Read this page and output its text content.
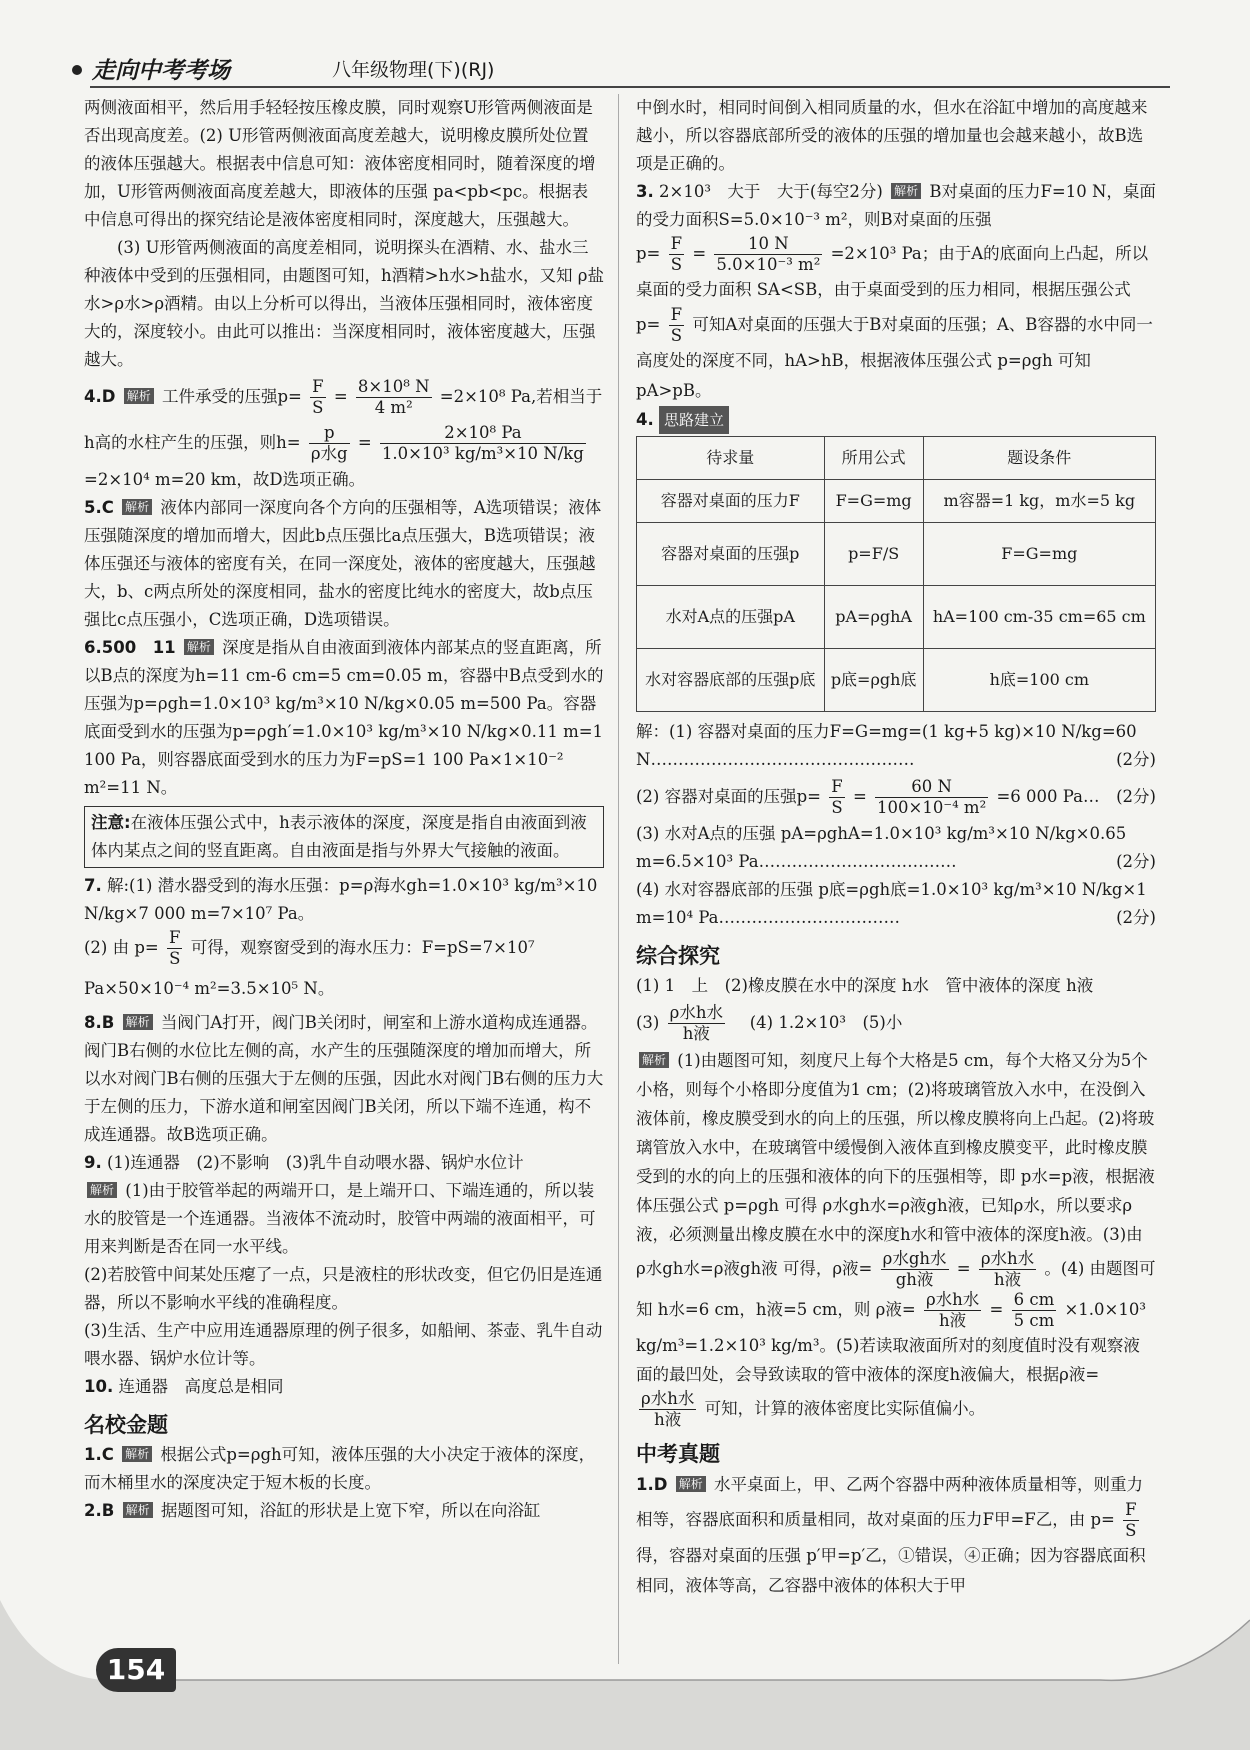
走向中考考场	八年级物理(下)(RJ)

两侧液面相平，然后用手轻轻按压橡皮膜，同时观察U形管两侧液面是否出现高度差。(2) U形管两侧液面高度差越大，说明橡皮膜所处位置的液体压强越大。根据表中信息可知：液体密度相同时，随着深度的增加，U形管两侧液面高度差越大，即液体的压强 pa<pb<pc。根据表中信息可得出的探究结论是液体密度相同时，深度越大，压强越大。

(3) U形管两侧液面的高度差相同，说明探头在酒精、水、盐水三种液体中受到的压强相同，由题图可知，h酒精>h水>h盐水，又知 ρ盐水>ρ水>ρ酒精。由以上分析可以得出，当液体压强相同时，液体密度大的，深度较小。由此可以推出：当深度相同时，液体密度越大，压强越大。

4.D 解析 工件承受的压强$p= \frac{F}{S} = \frac{\text{8×10⁸ N}}{\text{4 m²}} =2\times 10^8$ Pa,若相当于

h高的水柱产生的压强，则$h= \frac{p}{\text{ρ水g}} = \frac{\text{2×10⁸ Pa}}{\text{1.0×10³ kg/m³×10 N/kg}}$

=2×10⁴ m=20 km，故D选项正确。

5.C 解析 液体内部同一深度向各个方向的压强相等，A选项错误；液体压强随深度的增加而增大，因此b点压强比a点压强大，B选项错误；液体压强还与液体的密度有关，在同一深度处，液体的密度越大，压强越大，b、c两点所处的深度相同，盐水的密度比纯水的密度大，故b点压强比c点压强小，C选项正确，D选项错误。

6.500　11 解析 深度是指从自由液面到液体内部某点的竖直距离，所以B点的深度为h=11 cm-6 cm=5 cm=0.05 m，容器中B点受到水的压强为p=ρgh=1.0×10³ kg/m³×10 N/kg×0.05 m=500 Pa。容器底面受到水的压强为p=ρgh′=1.0×10³ kg/m³×10 N/kg×0.11 m=1 100 Pa，则容器底面受到水的压力为F=pS=1 100 Pa×1×10⁻² m²=11 N。

注意:在液体压强公式中，h表示液体的深度，深度是指自由液面到液体内某点之间的竖直距离。自由液面是指与外界大气接触的液面。

7. 解:(1) 潜水器受到的海水压强：p=ρ海水gh=1.0×10³ kg/m³×10 N/kg×7 000 m=7×10⁷ Pa。

(2) 由 $p= \frac{F}{S}$ 可得，观察窗受到的海水压力：F=pS=7×10⁷ Pa×50×10⁻⁴ m²=3.5×10⁵ N。

8.B 解析 当阀门A打开，阀门B关闭时，闸室和上游水道构成连通器。阀门B右侧的水位比左侧的高，水产生的压强随深度的增加而增大，所以水对阀门B右侧的压强大于左侧的压强，因此水对阀门B右侧的压力大于左侧的压力，下游水道和闸室因阀门B关闭，所以下端不连通，构不成连通器。故B选项正确。

9. (1)连通器　(2)不影响　(3)乳牛自动喂水器、锅炉水位计

解析 (1)由于胶管举起的两端开口，是上端开口、下端连通的，所以装水的胶管是一个连通器。当液体不流动时，胶管中两端的液面相平，可用来判断是否在同一水平线。

(2)若胶管中间某处压瘪了一点，只是液柱的形状改变，但它仍旧是连通器，所以不影响水平线的准确程度。

(3)生活、生产中应用连通器原理的例子很多，如船闸、茶壶、乳牛自动喂水器、锅炉水位计等。

10. 连通器　高度总是相同

名校金题

1.C 解析 根据公式p=ρgh可知，液体压强的大小决定于液体的深度，而木桶里水的深度决定于短木板的长度。

2.B 解析 据题图可知，浴缸的形状是上宽下窄，所以在向浴缸

中倒水时，相同时间倒入相同质量的水，但水在浴缸中增加的高度越来越小，所以容器底部所受的液体的压强的增加量也会越来越小，故B选项是正确的。

3. 2×10³　大于　大于(每空2分) 解析 B对桌面的压力F=10 N，桌面的受力面积S=5.0×10⁻³ m²，则B对桌面的压强

$p= \frac{F}{S} = \frac{10 N}{\text{5.0×10⁻³ m²}} =2\times 10^3$ Pa；由于A的底面向上凸起，所以桌面的受力面积 SA<SB，由于桌面受到的压力相同，根据压强公式 $p= \frac{F}{S}$ 可知A对桌面的压强大于B对桌面的压强；A、B容器的水中同一高度处的深度不同，hA>hB，根据液体压强公式 p=ρgh 可知 pA>pB。

4. 思路建立

待求量	所用公式	题设条件
容器对桌面的压力F	F=G=mg	m容器=1 kg，m水=5 kg
容器对桌面的压强p	p=F/S	F=G=mg
水对A点的压强pA	pA=ρghA	hA=100 cm-35 cm=65 cm
水对容器底部的压强p底	p底=ρgh底	h底=100 cm

解：(1) 容器对桌面的压力F=G=mg=(1 kg+5 kg)×10 N/kg=60 N…………………………………………	(2分)

(2) 容器对桌面的压强$p= \frac{F}{S} = \frac{60 N}{\text{100×10⁻⁴ m²}} =6$ 000 Pa… (2分)

(3) 水对A点的压强 pA=ρghA=1.0×10³ kg/m³×10 N/kg×0.65 m=6.5×10³ Pa………………………………	(2分)

(4) 水对容器底部的压强 p底=ρgh底=1.0×10³ kg/m³×10 N/kg×1 m=10⁴ Pa……………………………	(2分)

综合探究

(1) 1　上　(2)橡皮膜在水中的深度 h水　管中液体的深度 h液

$(3) \frac{\text{ρ水h水}}{\text{h液}}$ 　(4) 1.2×10³　(5)小

解析 (1)由题图可知，刻度尺上每个大格是5 cm，每个大格又分为5个小格，则每个小格即分度值为1 cm；(2)将玻璃管放入水中，在没倒入液体前，橡皮膜受到水的向上的压强，所以橡皮膜将向上凸起。(2)将玻璃管放入水中，在玻璃管中缓慢倒入液体直到橡皮膜变平，此时橡皮膜受到的水的向上的压强和液体的向下的压强相等，即 p水=p液，根据液体压强公式 p=ρgh 可得 ρ水gh水=ρ液gh液，已知ρ水，所以要求ρ液，必须测量出橡皮膜在水中的深度h水和管中液体的深度h液。(3)由 ρ水gh水=ρ液gh液 可得，ρ液= $\frac{\text{ρ水gh水}}{\text{gh液}} = \frac{\text{ρ水h水}}{\text{h液}}$ 。(4) 由题图可知 h水=6 cm，h液=5 cm，则 ρ液= $\frac{\text{ρ水h水}}{\text{h液}} = \frac{6 cm}{5 cm} \times 1.0\times 10^3$ kg/m³=1.2×10³ kg/m³。(5)若读取液面所对的刻度值时没有观察液面的最凹处，会导致读取的管中液体的深度h液偏大，根据ρ液=
$\frac{\text{ρ水h水}}{\text{h液}}$ 可知，计算的液体密度比实际值偏小。

中考真题

1.D 解析 水平桌面上，甲、乙两个容器中两种液体质量相等，则重力相等，容器底面积和质量相同，故对桌面的压力F甲=F乙，由 $p= \frac{F}{S}$
得，容器对桌面的压强 p′甲=p′乙，①错误，④正确；因为容器底面积相同，液体等高，乙容器中液体的体积大于甲

154
